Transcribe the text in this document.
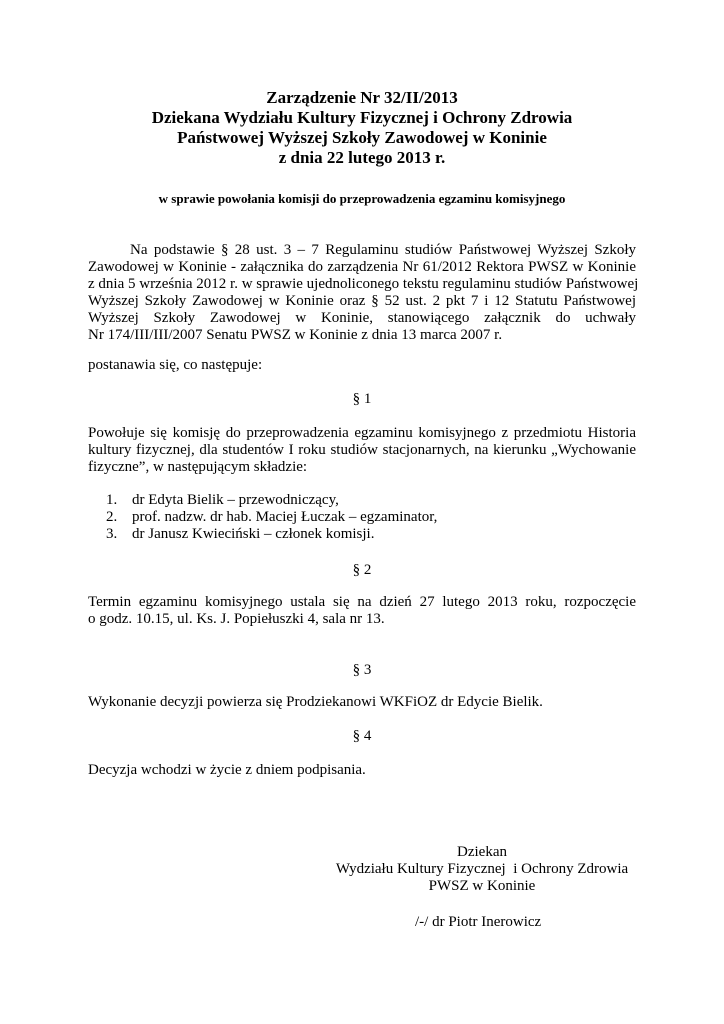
Zarządzenie Nr 32/II/2013
Dziekana Wydziału Kultury Fizycznej i Ochrony Zdrowia
Państwowej Wyższej Szkoły Zawodowej w Koninie
z dnia 22 lutego 2013 r.
w sprawie powołania komisji do przeprowadzenia egzaminu komisyjnego
Na podstawie § 28 ust. 3 – 7 Regulaminu studiów Państwowej Wyższej Szkoły
Zawodowej w Koninie - załącznika do zarządzenia Nr 61/2012 Rektora PWSZ w Koninie
z dnia 5 września 2012 r. w sprawie ujednoliconego tekstu regulaminu studiów Państwowej
Wyższej Szkoły Zawodowej w Koninie oraz § 52 ust. 2 pkt 7 i 12 Statutu Państwowej
Wyższej Szkoły Zawodowej w Koninie, stanowiącego załącznik do uchwały
Nr 174/III/III/2007 Senatu PWSZ w Koninie z dnia 13 marca 2007 r.
postanawia się, co następuje:
§ 1
Powołuje się komisję do przeprowadzenia egzaminu komisyjnego z przedmiotu Historia
kultury fizycznej, dla studentów I roku studiów stacjonarnych, na kierunku „Wychowanie
fizyczne”, w następującym składzie:
1. dr Edyta Bielik – przewodniczący,
2. prof. nadzw. dr hab. Maciej Łuczak – egzaminator,
3. dr Janusz Kwieciński – członek komisji.
§ 2
Termin egzaminu komisyjnego ustala się na dzień 27 lutego 2013 roku, rozpoczęcie
o godz. 10.15, ul. Ks. J. Popiełuszki 4, sala nr 13.
§ 3
Wykonanie decyzji powierza się Prodziekanowi WKFiOZ dr Edycie Bielik.
§ 4
Decyzja wchodzi w życie z dniem podpisania.
Dziekan
Wydziału Kultury Fizycznej  i Ochrony Zdrowia
PWSZ w Koninie
/-/ dr Piotr Inerowicz
